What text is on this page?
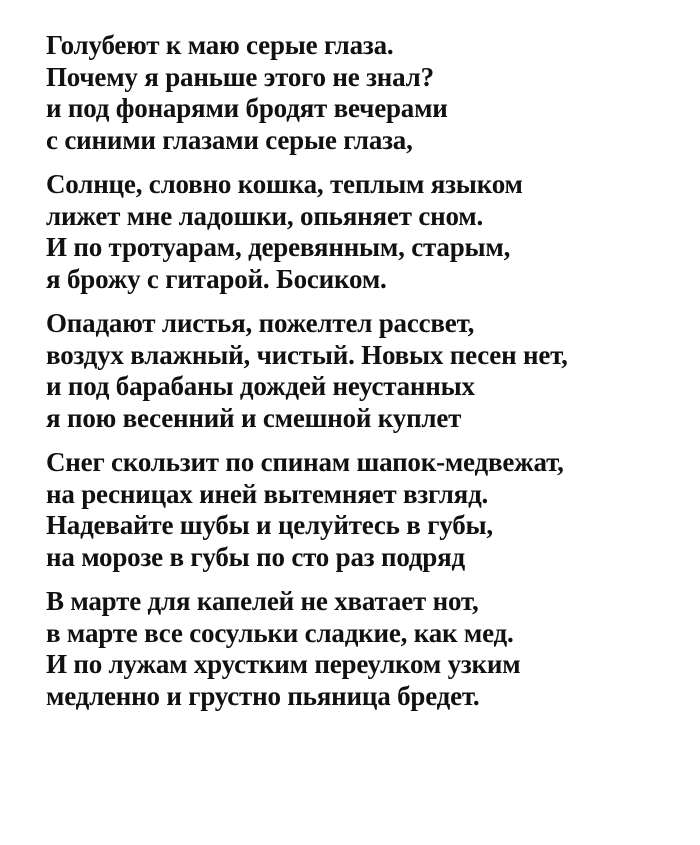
Голубеют к маю серые глаза.
Почему я раньше этого не знал?
и под фонарями бродят вечерами
с синими глазами серые глаза,
Солнце, словно кошка, теплым языком
лижет мне ладошки, опьяняет сном.
И по тротуарам, деревянным, старым,
я брожу с гитарой. Босиком.
Опадают листья, пожелтел рассвет,
воздух влажный, чистый. Новых песен нет,
и под барабаны дождей неустанных
я пою весенний и смешной куплет
Снег скользит по спинам шапок-медвежат,
на ресницах иней вытемняет взгляд.
Надевайте шубы и целуйтесь в губы,
на морозе в губы по сто раз подряд
В марте для капелей не хватает нот,
в марте все сосульки сладкие, как мед.
И по лужам хрустким переулком узким
медленно и грустно пьяница бредет.
